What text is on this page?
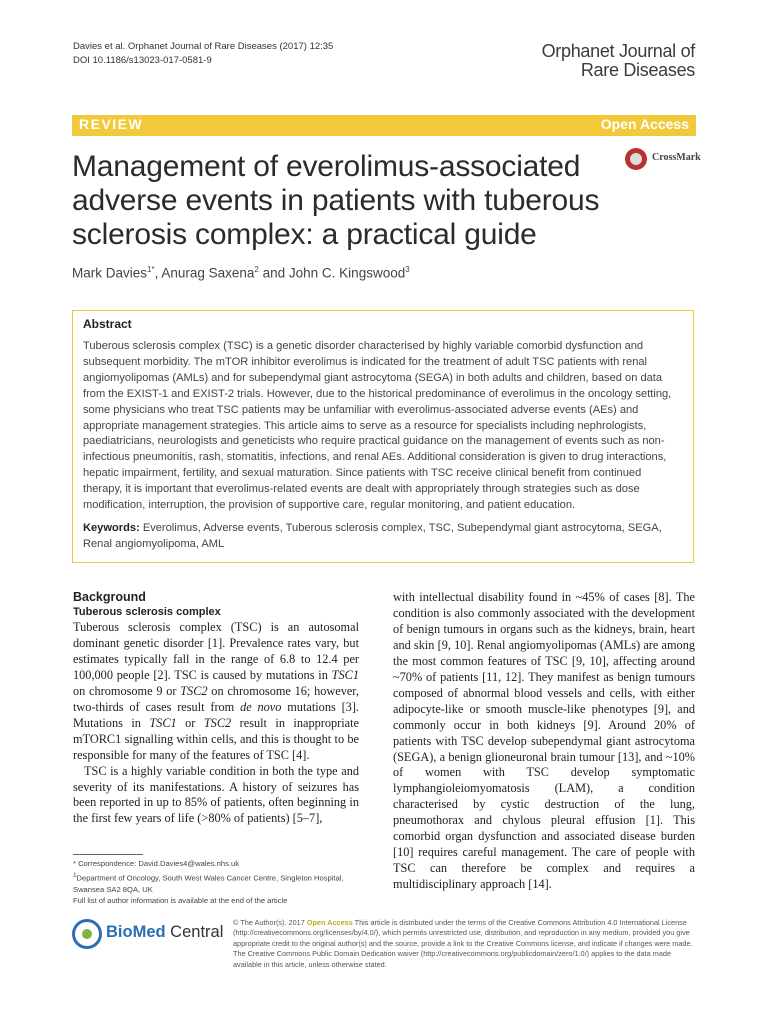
Davies et al. Orphanet Journal of Rare Diseases (2017) 12:35
DOI 10.1186/s13023-017-0581-9	Orphanet Journal of
Rare Diseases
REVIEW	Open Access
Management of everolimus-associated adverse events in patients with tuberous sclerosis complex: a practical guide
CrossMark
Mark Davies$^{1*}$, Anurag Saxena$^2$ and John C. Kingswood$^3$
Abstract

Tuberous sclerosis complex (TSC) is a genetic disorder characterised by highly variable comorbid dysfunction and subsequent morbidity. The mTOR inhibitor everolimus is indicated for the treatment of adult TSC patients with renal angiomyolipomas (AMLs) and for subependymal giant astrocytoma (SEGA) in both adults and children, based on data from the EXIST-1 and EXIST-2 trials. However, due to the historical predominance of everolimus in the oncology setting, some physicians who treat TSC patients may be unfamiliar with everolimus-associated adverse events (AEs) and appropriate management strategies. This article aims to serve as a resource for specialists including nephrologists, paediatricians, neurologists and geneticists who require practical guidance on the management of events such as non-infectious pneumonitis, rash, stomatitis, infections, and renal AEs. Additional consideration is given to drug interactions, hepatic impairment, fertility, and sexual maturation. Since patients with TSC receive clinical benefit from continued therapy, it is important that everolimus-related events are dealt with appropriately through strategies such as dose modification, interruption, the provision of supportive care, regular monitoring, and patient education.

Keywords: Everolimus, Adverse events, Tuberous sclerosis complex, TSC, Subependymal giant astrocytoma, SEGA, Renal angiomyolipoma, AML

Background
Tuberous sclerosis complex

Tuberous sclerosis complex (TSC) is an autosomal dominant genetic disorder [1]. Prevalence rates vary, but estimates typically fall in the range of 6.8 to 12.4 per 100,000 people [2]. TSC is caused by mutations in TSC1 on chromosome 9 or TSC2 on chromosome 16; however, two-thirds of cases result from de novo mutations [3]. Mutations in TSC1 or TSC2 result in inappropriate mTORC1 signalling within cells, and this is thought to be responsible for many of the features of TSC [4].

TSC is a highly variable condition in both the type and severity of its manifestations. A history of seizures has been reported in up to 85% of patients, often beginning in the first few years of life (>80% of patients) [5–7],

with intellectual disability found in ~45% of cases [8]. The condition is also commonly associated with the development of benign tumours in organs such as the kidneys, brain, heart and skin [9, 10]. Renal angiomyolipomas (AMLs) are among the most common features of TSC [9, 10], affecting around ~70% of patients [11, 12]. They manifest as benign tumours composed of abnormal blood vessels and cells, with either adipocyte-like or smooth muscle-like phenotypes [9], and commonly occur in both kidneys [9]. Around 20% of patients with TSC develop subependymal giant astrocytoma (SEGA), a benign glioneuronal brain tumour [13], and ~10% of women with TSC develop symptomatic lymphangioleiomyomatosis (LAM), a condition characterised by cystic destruction of the lung, pneumothorax and chylous pleural effusion [1]. This comorbid organ dysfunction and associated disease burden [10] requires careful management. The care of people with TSC can therefore be complex and requires a multidisciplinary approach [14].

* Correspondence: David.Davies4@wales.nhs.uk
$^1$Department of Oncology, South West Wales Cancer Centre, Singleton Hospital, Swansea SA2 8QA, UK
Full list of author information is available at the end of the article
BioMed Central
© The Author(s). 2017 Open Access This article is distributed under the terms of the Creative Commons Attribution 4.0 International License (http://creativecommons.org/licenses/by/4.0/), which permits unrestricted use, distribution, and reproduction in any medium, provided you give appropriate credit to the original author(s) and the source, provide a link to the Creative Commons license, and indicate if changes were made. The Creative Commons Public Domain Dedication waiver (http://creativecommons.org/publicdomain/zero/1.0/) applies to the data made available in this article, unless otherwise stated.
